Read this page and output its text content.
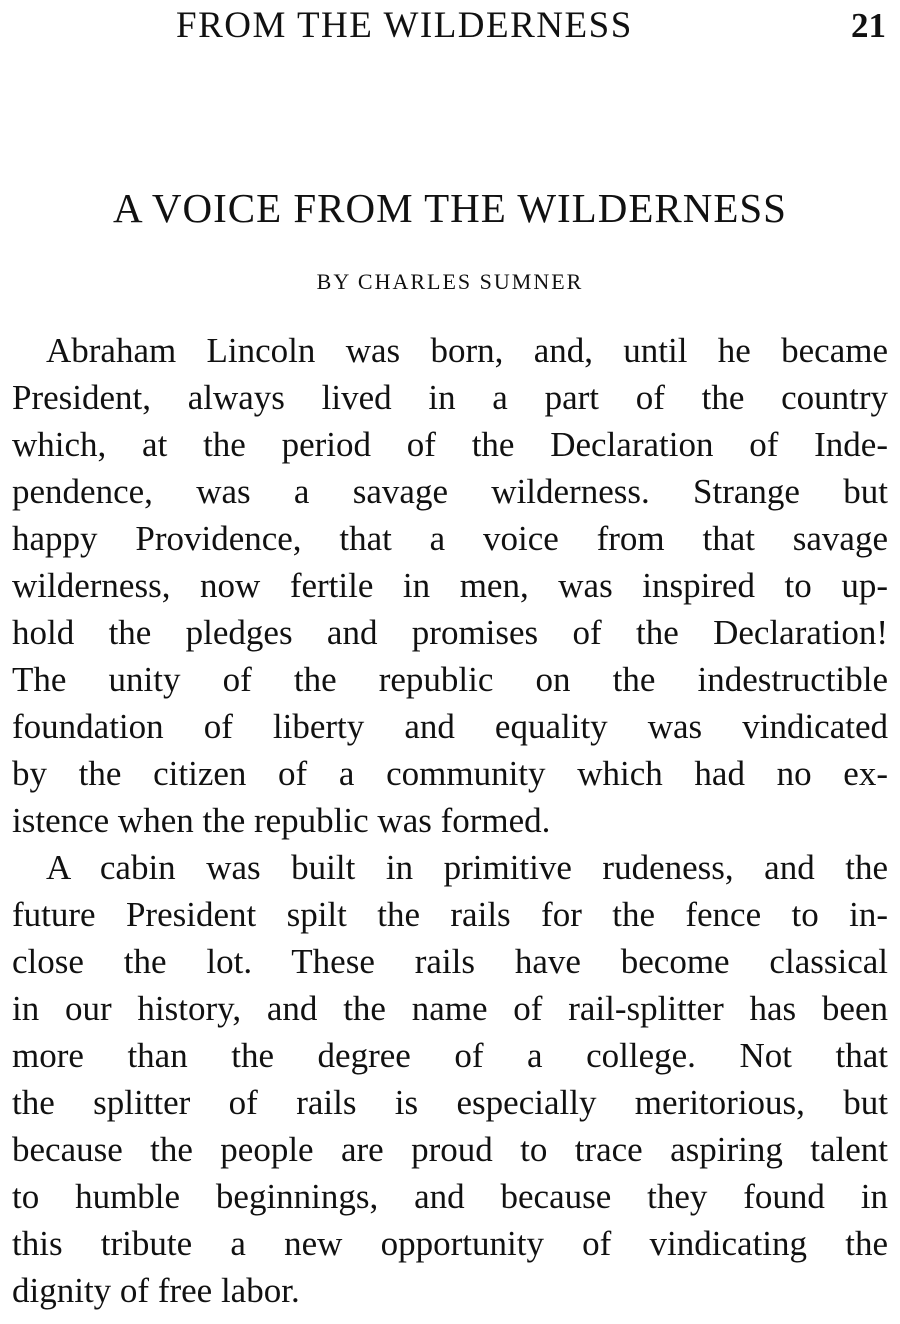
FROM THE WILDERNESS	21
A VOICE FROM THE WILDERNESS
BY CHARLES SUMNER
Abraham Lincoln was born, and, until he became
President, always lived in a part of the country
which, at the period of the Declaration of Inde-
pendence, was a savage wilderness. Strange but
happy Providence, that a voice from that savage
wilderness, now fertile in men, was inspired to up-
hold the pledges and promises of the Declaration!
The unity of the republic on the indestructible
foundation of liberty and equality was vindicated
by the citizen of a community which had no ex-
istence when the republic was formed.
A cabin was built in primitive rudeness, and the
future President spilt the rails for the fence to in-
close the lot. These rails have become classical
in our history, and the name of rail-splitter has been
more than the degree of a college. Not that
the splitter of rails is especially meritorious, but
because the people are proud to trace aspiring talent
to humble beginnings, and because they found in
this tribute a new opportunity of vindicating the
dignity of free labor.
